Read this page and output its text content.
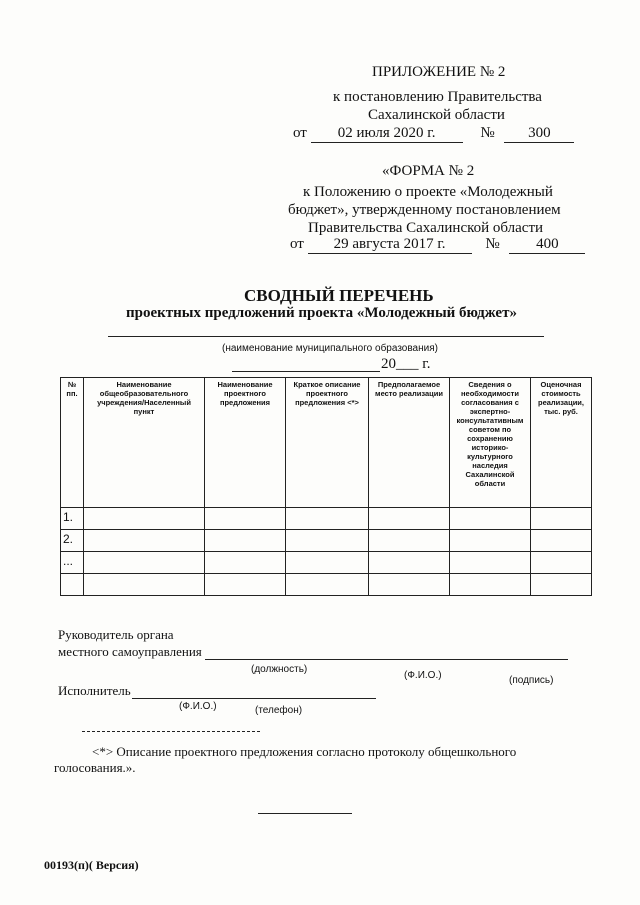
ПРИЛОЖЕНИЕ № 2
к постановлению Правительства
Сахалинской области
от 02 июля 2020 г.	№ 300
«ФОРМА № 2
к Положению о проекте «Молодежный
бюджет», утвержденному постановлением
Правительства Сахалинской области
от 29 августа 2017 г.	№ 400
СВОДНЫЙ ПЕРЕЧЕНЬ
проектных предложений проекта «Молодежный бюджет»
(наименование муниципального образования)
20___ г.
№ пп.	Наименование общеобразовательного учреждения/Населенный пункт	Наименование проектного предложения	Краткое описание проектного предложения <*>	Предполагаемое место реализации	Сведения о необходимости согласования с экспертно-консультативным советом по сохранению историко-культурного наследия Сахалинской области	Оценочная стоимость реализации, тыс. руб.
1.						
2.						
...						

Руководитель органа
местного самоуправления
(должность)
(Ф.И.О.)	(подпись)
Исполнитель
(Ф.И.О.)	(телефон)
<*> Описание проектного предложения согласно протоколу общешкольного
голосования.».
00193(п)( Версия)
